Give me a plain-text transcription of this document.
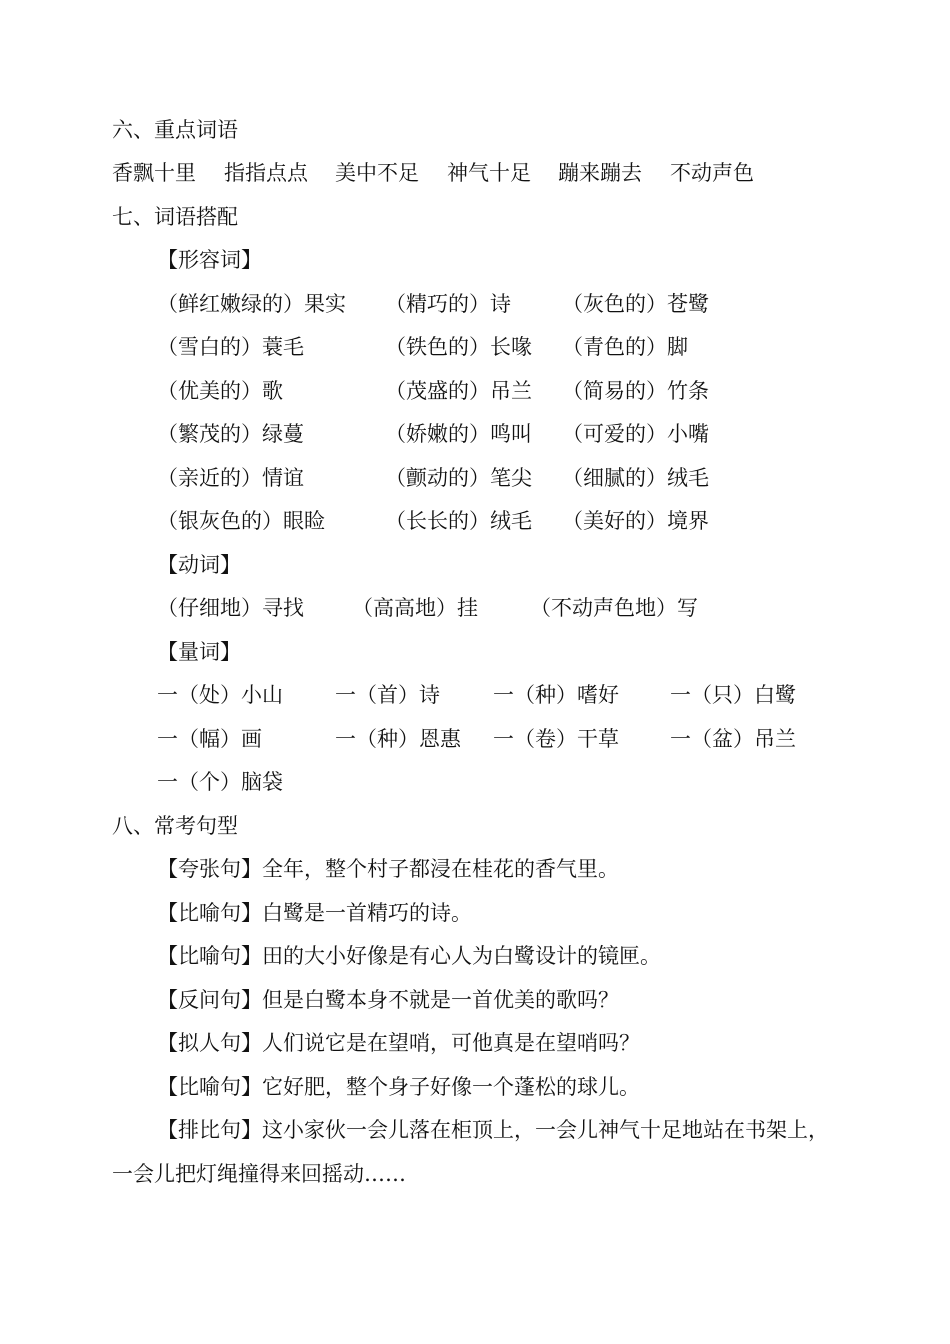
六、重点词语
香飘十里 指指点点 美中不足 神气十足 蹦来蹦去 不动声色
七、词语搭配
【形容词】
（鲜红嫩绿的）果实 （精巧的）诗 （灰色的）苍鹭
（雪白的）蓑毛	（铁色的）长喙 （青色的）脚
（优美的）歌	（茂盛的）吊兰 （简易的）竹条
（繁茂的）绿蔓	（娇嫩的）鸣叫 （可爱的）小嘴
（亲近的）情谊	（颤动的）笔尖 （细腻的）绒毛
（银灰色的）眼睑	（长长的）绒毛 （美好的）境界
【动词】
（仔细地）寻找 （高高地）挂 （不动声色地）写
【量词】
一（处）小山 一（首）诗	一（种）嗜好 一（只）白鹭
一（幅）画	一（种）恩惠 一（卷）干草 一（盆）吊兰
一（个）脑袋
八、常考句型
【夸张句】全年，整个村子都浸在桂花的香气里。
【比喻句】白鹭是一首精巧的诗。
【比喻句】田的大小好像是有心人为白鹭设计的镜匣。
【反问句】但是白鹭本身不就是一首优美的歌吗？
【拟人句】人们说它是在望哨，可他真是在望哨吗？
【比喻句】它好肥，整个身子好像一个蓬松的球儿。
【排比句】这小家伙一会儿落在柜顶上，一会儿神气十足地站在书架上，
一会儿把灯绳撞得来回摇动……
